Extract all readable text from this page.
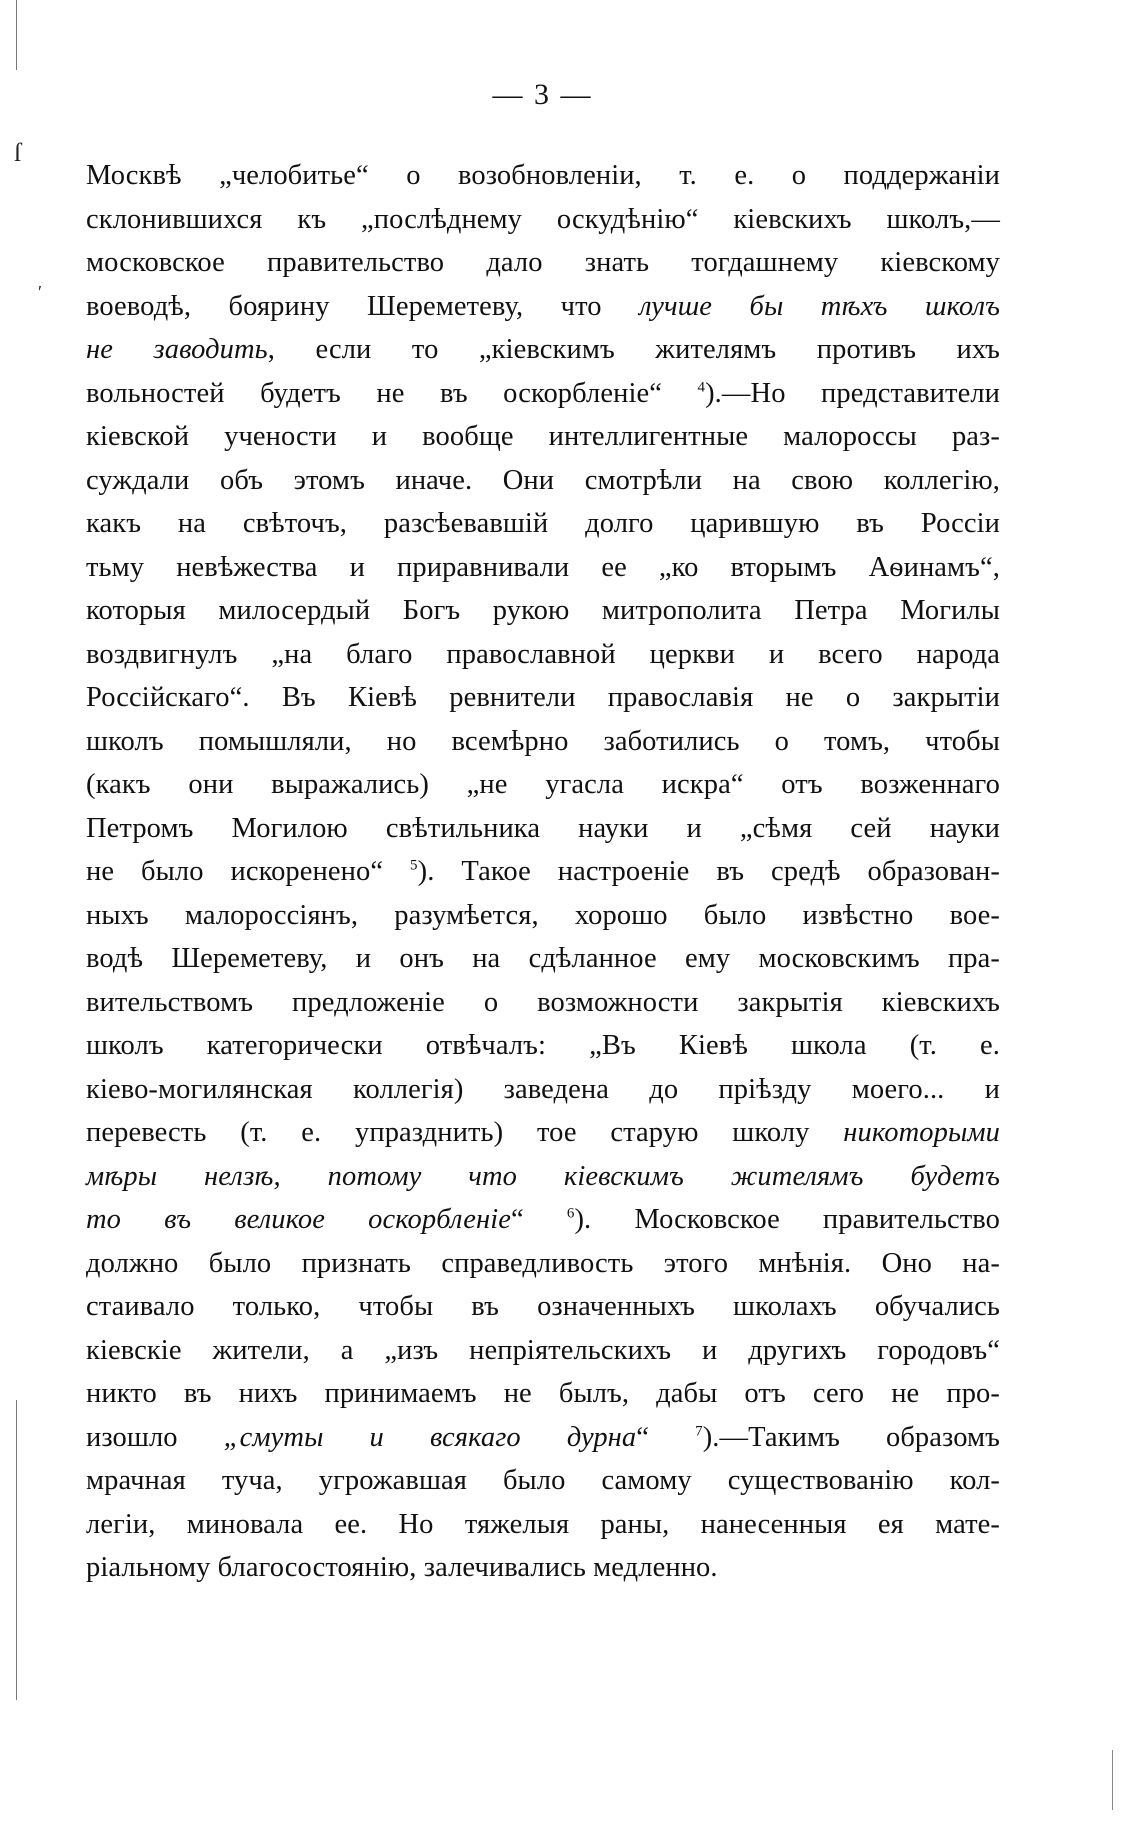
— 3 —
Москвѣ „челобитье“ о возобновленіи, т. е. о поддержаніи
склонившихся къ „послѣднему оскудѣнію“ кіевскихъ школъ,—
московское правительство дало знать тогдашнему кіевскому
воеводѣ, боярину Шереметеву, что лучше бы тѣхъ школъ
не заводить, если то „кіевскимъ жителямъ противъ ихъ
вольностей будетъ не въ оскорбленіе“ $^4$).—Но представители
кіевской учености и вообще интеллигентные малороссы раз-
суждали объ этомъ иначе. Они смотрѣли на свою коллегію,
какъ на свѣточъ, разсѣевавшій долго царившую въ Россіи
тьму невѣжества и приравнивали ее „ко вторымъ Аѳинамъ“,
которыя милосердый Богъ рукою митрополита Петра Могилы
воздвигнулъ „на благо православной церкви и всего народа
Россійскаго“. Въ Кіевѣ ревнители православія не о закрытіи
школъ помышляли, но всемѣрно заботились о томъ, чтобы
(какъ они выражались) „не угасла искра“ отъ возженнаго
Петромъ Могилою свѣтильника науки и „сѣмя сей науки
не было искоренено“ $^5$). Такое настроеніе въ средѣ образован-
ныхъ малороссіянъ, разумѣется, хорошо было извѣстно вое-
водѣ Шереметеву, и онъ на сдѣланное ему московскимъ пра-
вительствомъ предложеніе о возможности закрытія кіевскихъ
школъ категорически отвѣчалъ: „Въ Кіевѣ школа (т. е.
кіево-могилянская коллегія) заведена до пріѣзду моего... и
перевесть (т. е. упразднить) тое старую школу никоторыми
мѣры нелзѣ, потому что кіевскимъ жителямъ будетъ
то въ великое оскорбленіе“ $^6$). Московское правительство
должно было признать справедливость этого мнѣнія. Оно на-
стаивало только, чтобы въ означенныхъ школахъ обучались
кіевскіе жители, а „изъ непріятельскихъ и другихъ городовъ“
никто въ нихъ принимаемъ не былъ, дабы отъ сего не про-
изошло „смуты и всякаго дурна“ $^7$).—Такимъ образомъ
мрачная туча, угрожавшая было самому существованію кол-
легіи, миновала ее. Но тяжелыя раны, нанесенныя ея мате-
ріальному благосостоянію, залечивались медленно.
ſ
′
